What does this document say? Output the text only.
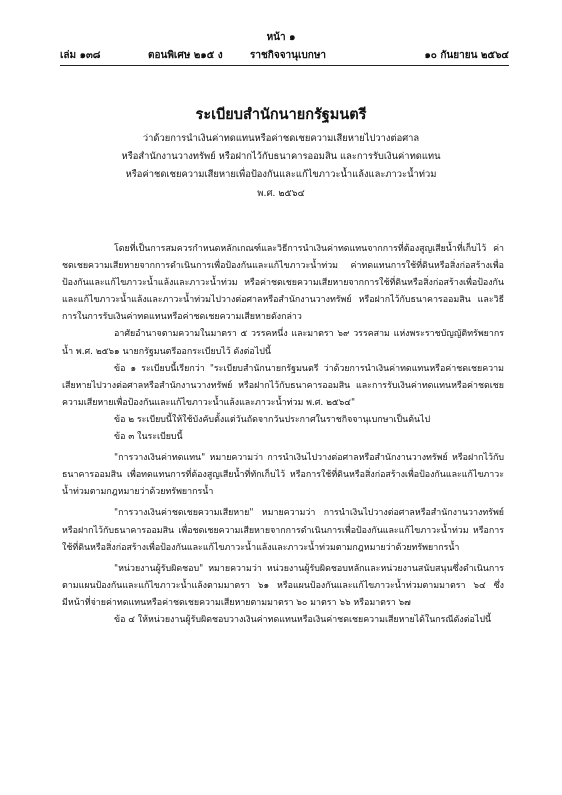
หน้า ๑
เล่ม ๑๓๘	ตอนพิเศษ ๒๑๕ ง	ราชกิจจานุเบกษา	๑๐ กันยายน ๒๕๖๔
ระเบียบสำนักนายกรัฐมนตรี
ว่าด้วยการนำเงินค่าทดแทนหรือค่าชดเชยความเสียหายไปวางต่อศาล
หรือสำนักงานวางทรัพย์ หรือฝากไว้กับธนาคารออมสิน และการรับเงินค่าทดแทน
หรือค่าชดเชยความเสียหายเพื่อป้องกันและแก้ไขภาวะน้ำแล้งและภาวะน้ำท่วม
พ.ศ. ๒๕๖๔

โดยที่เป็นการสมควรกำหนดหลักเกณฑ์และวิธีการนำเงินค่าทดแทนจากการที่ต้องสูญเสียน้ำที่เก็บไว้ ค่าชดเชยความเสียหายจากการดำเนินการเพื่อป้องกันและแก้ไขภาวะน้ำท่วม ค่าทดแทนการใช้ที่ดินหรือสิ่งก่อสร้างเพื่อป้องกันและแก้ไขภาวะน้ำแล้งและภาวะน้ำท่วม หรือค่าชดเชยความเสียหายจากการใช้ที่ดินหรือสิ่งก่อสร้างเพื่อป้องกันและแก้ไขภาวะน้ำแล้งและภาวะน้ำท่วมไปวางต่อศาลหรือสำนักงานวางทรัพย์ หรือฝากไว้กับธนาคารออมสิน และวิธีการในการรับเงินค่าทดแทนหรือค่าชดเชยความเสียหายดังกล่าว

อาศัยอำนาจตามความในมาตรา ๕ วรรคหนึ่ง และมาตรา ๖๙ วรรคสาม แห่งพระราชบัญญัติทรัพยากรน้ำ พ.ศ. ๒๕๖๑ นายกรัฐมนตรีออกระเบียบไว้ ดังต่อไปนี้

ข้อ ๑ ระเบียบนี้เรียกว่า "ระเบียบสำนักนายกรัฐมนตรี ว่าด้วยการนำเงินค่าทดแทนหรือค่าชดเชยความเสียหายไปวางต่อศาลหรือสำนักงานวางทรัพย์ หรือฝากไว้กับธนาคารออมสิน และการรับเงินค่าทดแทนหรือค่าชดเชยความเสียหายเพื่อป้องกันและแก้ไขภาวะน้ำแล้งและภาวะน้ำท่วม พ.ศ. ๒๕๖๔"

ข้อ ๒ ระเบียบนี้ให้ใช้บังคับตั้งแต่วันถัดจากวันประกาศในราชกิจจานุเบกษาเป็นต้นไป

ข้อ ๓ ในระเบียบนี้

"การวางเงินค่าทดแทน" หมายความว่า การนำเงินไปวางต่อศาลหรือสำนักงานวางทรัพย์ หรือฝากไว้กับธนาคารออมสิน เพื่อทดแทนการที่ต้องสูญเสียน้ำที่ทักเก็บไว้ หรือการใช้ที่ดินหรือสิ่งก่อสร้างเพื่อป้องกันและแก้ไขภาวะน้ำท่วมตามกฎหมายว่าด้วยทรัพยากรน้ำ

"การวางเงินค่าชดเชยความเสียหาย" หมายความว่า การนำเงินไปวางต่อศาลหรือสำนักงานวางทรัพย์ หรือฝากไว้กับธนาคารออมสิน เพื่อชดเชยความเสียหายจากการดำเนินการเพื่อป้องกันและแก้ไขภาวะน้ำท่วม หรือการใช้ที่ดินหรือสิ่งก่อสร้างเพื่อป้องกันและแก้ไขภาวะน้ำแล้งและภาวะน้ำท่วมตามกฎหมายว่าด้วยทรัพยากรน้ำ

"หน่วยงานผู้รับผิดชอบ" หมายความว่า หน่วยงานผู้รับผิดชอบหลักและหน่วยงานสนับสนุนซึ่งดำเนินการตามแผนป้องกันและแก้ไขภาวะน้ำแล้งตามมาตรา ๖๑ หรือแผนป้องกันและแก้ไขภาวะน้ำท่วมตามมาตรา ๖๔ ซึ่งมีหน้าที่จ่ายค่าทดแทนหรือค่าชดเชยความเสียหายตามมาตรา ๖๐ มาตรา ๖๖ หรือมาตรา ๖๗

ข้อ ๔ ให้หน่วยงานผู้รับผิดชอบวางเงินค่าทดแทนหรือเงินค่าชดเชยความเสียหายได้ในกรณีดังต่อไปนี้
